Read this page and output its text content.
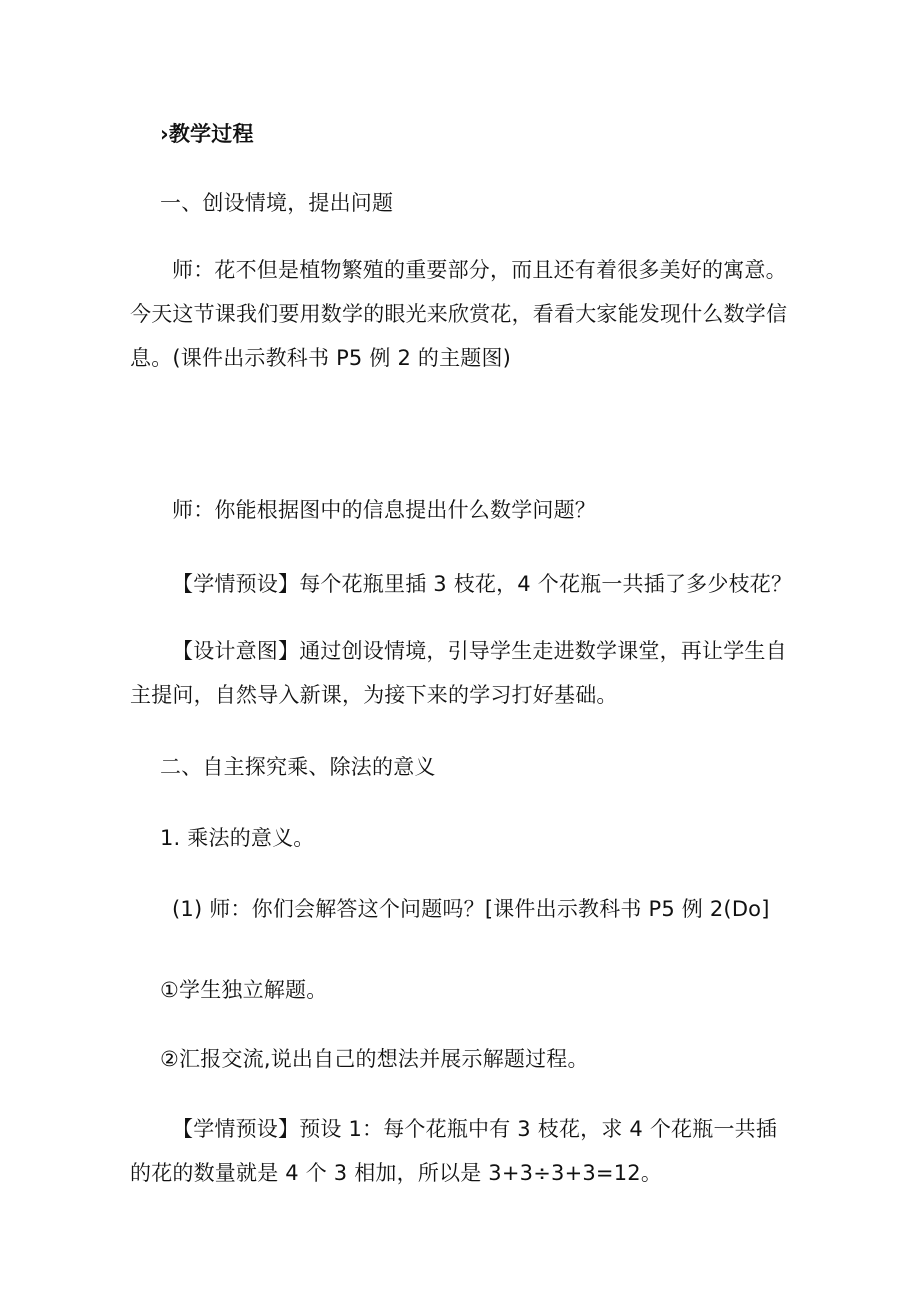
›教学过程
一、创设情境，提出问题
师：花不但是植物繁殖的重要部分，而且还有着很多美好的寓意。今天这节课我们要用数学的眼光来欣赏花，看看大家能发现什么数学信息。(课件出示教科书 P5 例 2 的主题图)
师：你能根据图中的信息提出什么数学问题？
【学情预设】每个花瓶里插 3 枝花，4 个花瓶一共插了多少枝花？
【设计意图】通过创设情境，引导学生走进数学课堂，再让学生自主提问，自然导入新课，为接下来的学习打好基础。
二、自主探究乘、除法的意义
1. 乘法的意义。
(1) 师：你们会解答这个问题吗？[课件出示教科书 P5 例 2(Do]
①学生独立解题。
②汇报交流,说出自己的想法并展示解题过程。
【学情预设】预设 1：每个花瓶中有 3 枝花，求 4 个花瓶一共插的花的数量就是 4 个 3 相加，所以是 3+3÷3+3=12。
